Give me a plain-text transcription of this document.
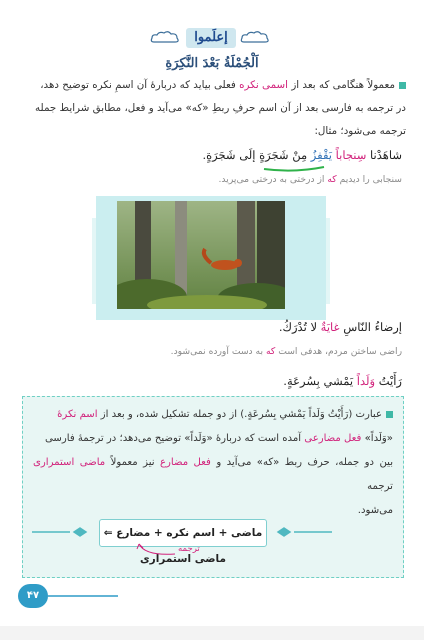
إعلَموا
اَلْجُمْلَةُ بَعْدَ النَّكِرَةِ
معمولاً هنگامی که بعد از اسمی نکره فعلی بیاید که دربارهٔ آن اسمِ نکره توضیح دهد،
در ترجمه به فارسی بعد از آن اسم حرفِ ربطِ «که» می‌آید و فعل، مطابق شرایط جمله
ترجمه می‌شود؛ مثال:
شاهَدْنا سِنجاباً يَقْفِزُ مِنْ شَجَرَةٍ إلَى شَجَرَةٍ.
سنجابی را دیدیم که از درختی به درختی می‌پرید.
إرضاءُ النّاسِ غايَةٌ لا تُدْرَكُ.
راضی ساختن مردم، هدفی است که به دست آورده نمی‌شود.
رَأَيْتُ وَلَداً يَمْشي بِسُرعَةٍ.
عبارت (رَأَيْتُ وَلَداً يَمْشي بِسُرعَةٍ.) از دو جمله تشکیل شده، و بعد از اسم نکرهٔ
«وَلَداً» فعل مضارعی آمده است که دربارهٔ «وَلَداً» توضیح می‌دهد؛ در ترجمهٔ فارسی
بین دو جمله، حرف ربط «که» می‌آید و فعل مضارع نیز معمولاً ماضی استمراری ترجمه
می‌شود.
ماضی + اسم نکره + مضارع ⇐ ماضی استمراری
ترجمه
۴۷
